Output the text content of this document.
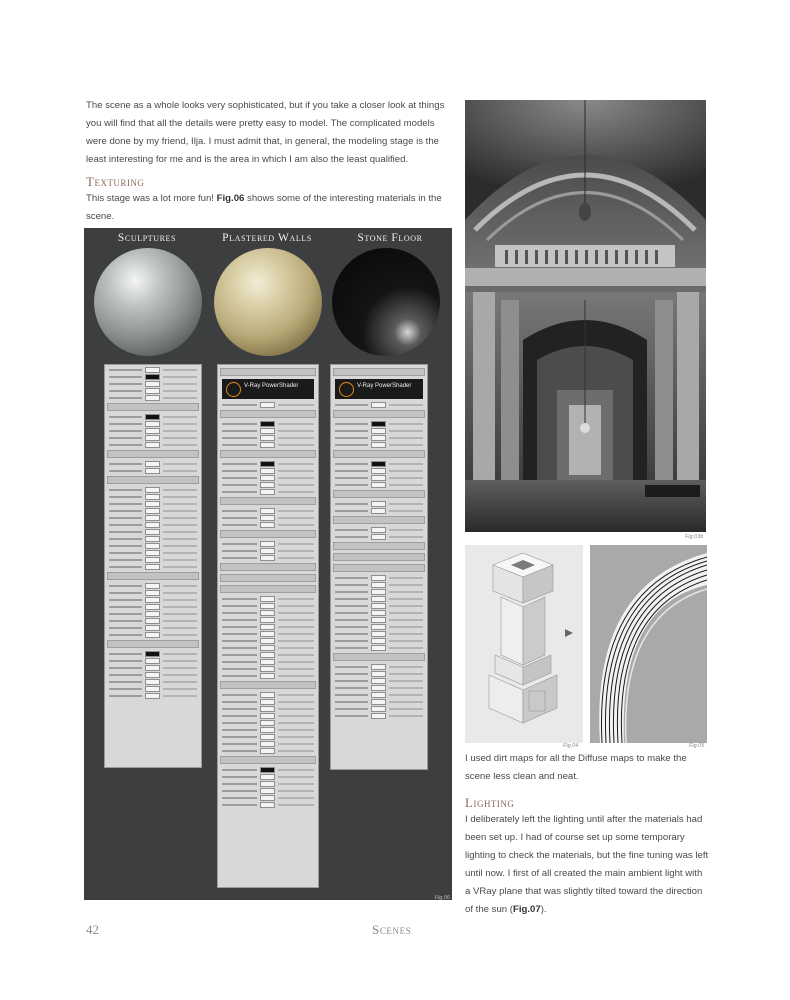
The scene as a whole looks very sophisticated, but if you take a closer look at things you will find that all the details were pretty easy to model. The complicated models were done by my friend, Ilja. I must admit that, in general, the modeling stage is the least interesting for me and is the area in which I am also the least qualified.
Texturing
This stage was a lot more fun! Fig.06 shows some of the interesting materials in the scene.
Sculptures	Plastered Walls	Stone Floor
V-Ray PowerShader	V-Ray PowerShader
Fig.06
Fig.03b
Fig.04	Fig.05
I used dirt maps for all the Diffuse maps to make the scene less clean and neat.
Lighting
I deliberately left the lighting until after the materials had been set up. I had of course set up some temporary lighting to check the materials, but the fine tuning was left until now. I first of all created the main ambient light with a VRay plane that was slightly tilted toward the direction of the sun (Fig.07).
42	Scenes
